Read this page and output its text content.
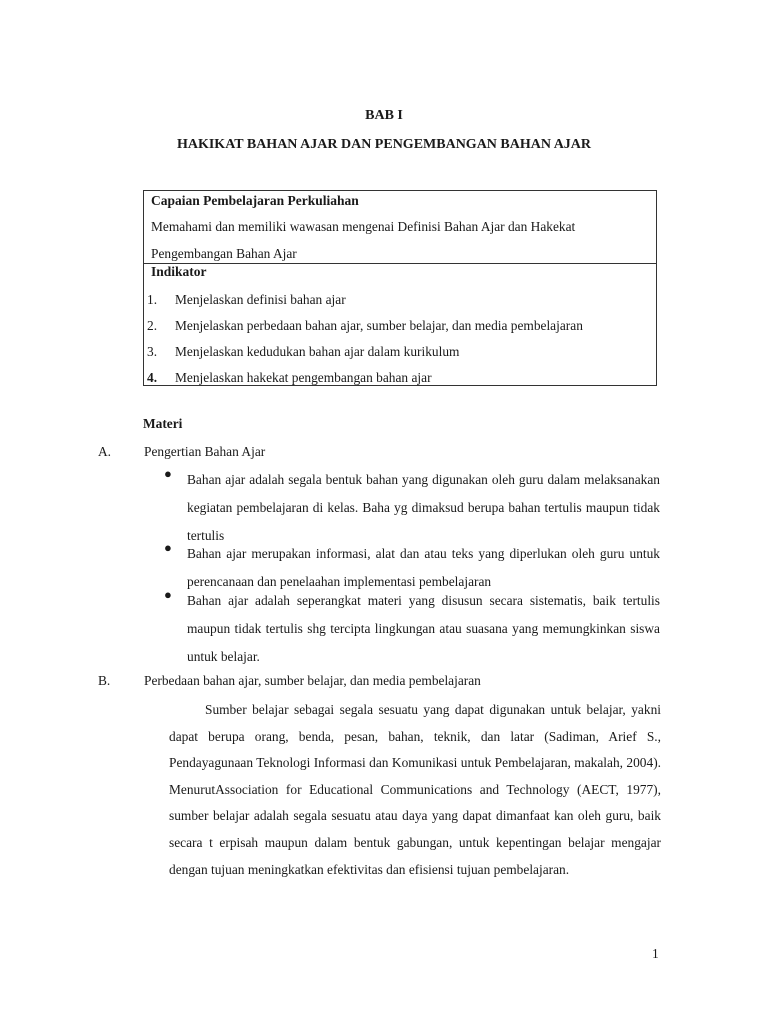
BAB I
HAKIKAT BAHAN AJAR DAN PENGEMBANGAN BAHAN AJAR
Capaian Pembelajaran Perkuliahan
Memahami dan memiliki wawasan mengenai Definisi Bahan Ajar dan Hakekat Pengembangan Bahan Ajar
Indikator
1. Menjelaskan definisi bahan ajar
2. Menjelaskan perbedaan bahan ajar, sumber belajar, dan media pembelajaran
3. Menjelaskan kedudukan bahan ajar dalam kurikulum
4. Menjelaskan hakekat pengembangan bahan ajar
Materi
A. Pengertian Bahan Ajar
● Bahan ajar adalah segala bentuk bahan yang digunakan oleh guru dalam melaksanakan kegiatan pembelajaran di kelas. Baha yg dimaksud berupa bahan tertulis maupun tidak tertulis
● Bahan ajar merupakan informasi, alat dan atau teks yang diperlukan oleh guru untuk perencanaan dan penelaahan implementasi pembelajaran
● Bahan ajar adalah seperangkat materi yang disusun secara sistematis, baik tertulis maupun tidak tertulis shg tercipta lingkungan atau suasana yang memungkinkan siswa untuk belajar.
B.	Perbedaan bahan ajar, sumber belajar, dan media pembelajaran
Sumber belajar sebagai segala sesuatu yang dapat digunakan untuk belajar, yakni dapat berupa orang, benda, pesan, bahan, teknik, dan latar (Sadiman, Arief S., Pendayagunaan Teknologi Informasi dan Komunikasi untuk Pembelajaran, makalah, 2004). MenurutAssociation for Educational Communications and Technology (AECT, 1977), sumber belajar adalah segala sesuatu atau daya yang dapat dimanfaat kan oleh guru, baik secara t erpisah maupun dalam bentuk gabungan, untuk kepentingan belajar mengajar dengan tujuan meningkatkan efektivitas dan efisiensi tujuan pembelajaran.
1
